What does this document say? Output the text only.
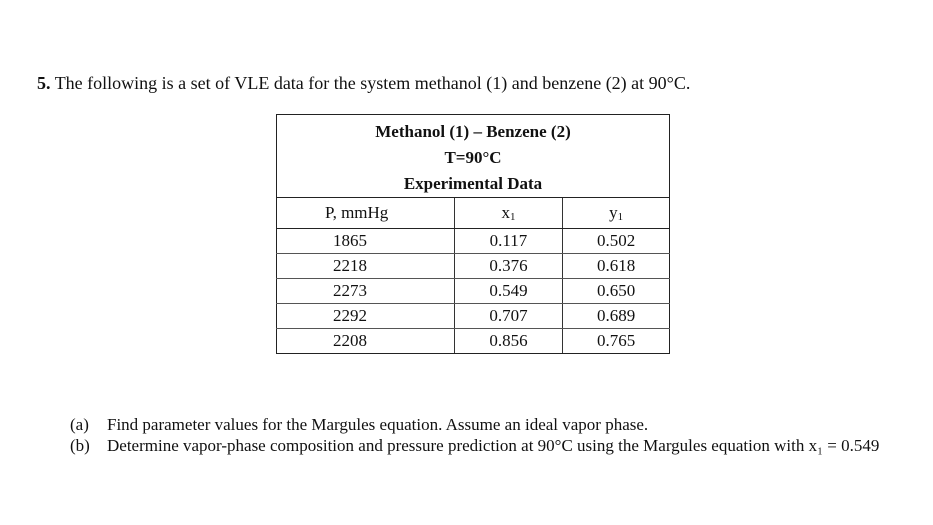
5. The following is a set of VLE data for the system methanol (1) and benzene (2) at 90°C.
Methanol (1) – Benzene (2)
T=90°C
Experimental Data		

P, mmHg	$x_1$	$y_1$
1865	0.117	0.502
2218	0.376	0.618
2273	0.549	0.650
2292	0.707	0.689
2208	0.856	0.765
(a)	Find parameter values for the Margules equation. Assume an ideal vapor phase.
(b)	Determine vapor-phase composition and pressure prediction at 90°C using the Margules equation with x₁ = 0.549
